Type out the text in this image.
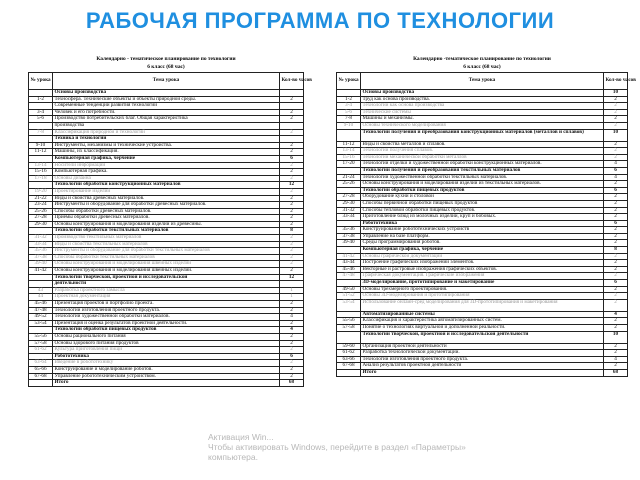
РАБОЧАЯ ПРОГРАММА ПО ТЕХНОЛОГИИ
Календарно - тематическое планирование по технологии
6 класс (68 час)
№ урока	Тема урока	Кол-во часов
	Основы производства	
1-2	Техносфера. Технические объекты и объекты природной среды.	2
	Современные тенденции развития технологий	
3-4	Человек и его потребности.	2
5-6	Производство потребительских благ. Общая характеристика	2
	производства	
7-8	Классификация природной и технологий	2
	Техника и технологии	
9-10	Инструменты, механизмы и технические устройства.	2
11-12	Машины, их классификация.	2
	Компьютерная графика, черчение	6
13-14	Носители информации	2
15-16	Компьютерная графика.	2
17-18	Основы дизайна	2
	Технологии обработки конструкционных материалов	12
19-20	Проектирование изделий	2
21-22	Виды и свойства древесных материалов.	2
23-24	Инструменты и оборудование для обработки древесных материалов.	2
25-26	Способы обработки древесных материалов.	2
27-28	Приёмы обработки древесных материалов.	2
29-30	Основы конструирования и моделирования изделий из древесины.	2
	Технологии обработки текстильных материалов	8
31-32	Производство текстильных материалов	2
33-34	Виды и свойства текстильных материалов	2
35-36	Инструменты и оборудование для обработки текстильных материалов	2
37-38	Способы обработки текстильных материалов	2
39-40	Основы конструирования и моделирования швейных изделий	2
41-42	Основы конструирования и моделирования швейных изделий.	2
	Технологии творческой, проектной и исследовательской	12
	деятельности	
43	Разработка проектного замысла	1
44	Проектная документация	1
45-46	Презентация проектов и портфолио проекта.	2
47-48	Технологии изготовления проектного продукта.	2
49-52	Технологии художественной обработки материалов.	4
53-54	Презентация и оценка результатов проектной деятельности.	2
	Технологии обработки пищевых продуктов	4
55-56	Основы рационального питания	2
57-58	Основы здорового питания продуктов	2
61-62	Культура приготовления пищи	2
	Робототехника	6
63-64	Введение в робототехнику	2
65-66	Конструирование и моделирование роботов.	2
67-68	Управление робототехническим устройством.	2
	Итого	68
Календарно -тематическое планирование по технологии
6 класс (68 час)
№ урока	Тема урока	Кол-во часов
	Основы производства	10
1-2	Труд как основа производства.	2
3-4	Технологии как основа производства	2
5-6	Технические системы	2
7-8	Машины и механизмы.	2
9-10	Основы технического моделирования	2
	Технологии получения и преобразования конструкционных материалов (металлов и сплавов)	10
11-12	Виды и свойства металлов и сплавов.	2
13-14	Технологии получения сплавов.	2
15-16	Технологии механической обработки металлов	2
17-20	Технологии отделки и художественной обработки конструкционных материалов.	4
	Технологии получения и преобразования текстильных материалов	6
21-24	Технологии художественной обработки текстильных материалов.	4
25-26	Основы конструирования и моделирования изделий из текстильных материалов.	2
	Технологии обработки пищевых продуктов	6
27-28	Оборудование кухни и столовой	2
29-30	Способы первичной обработки пищевых продуктов	2
31-32	Способы тепловой обработки пищевых продуктов.	2
33-34	Приготовление блюд из молочных изделий, круп и бобовых.	2
	Робототехника	6
35-36	Конструирование робототехнических устройств	2
37-38	Управление на базе платформ.	2
39-40	Среды программирования роботов.	2
	Компьютерная графика, черчение	8
41-42	Основы графической документации	2
43-44	Построение графических изображений элементов.	2
45-46	Векторные и растровые изображения графических объектов.	2
47-48	Графическая документация. Графические изображения	2
	3D-моделирование, прототипирование и макетирование	6
49-50	Основы трёхмерного проектирования.	2
51-52	Основы 3D-моделирования и прототипирования	2
53-54	Использование онлайн-сред моделирования для 3D-прототипирования и макетирования	2
	Автоматизированные системы	4
55-56	Классификация и характеристика автоматизированных систем.	2
57-58	Понятие о технологиях виртуальной и дополненной реальности.	2
	Технологии творческой, проектной и исследовательской деятельности	10
59-60	Организация проектной деятельности	2
61-62	Разработка технологической документации.	2
63-66	Технологии изготовления проектного продукта.	4
67-68	Анализ результатов проектной деятельности	2
	Итого	68
Активация Win...
Чтобы активировать Windows, перейдите в раздел «Параметры»
компьютера.
